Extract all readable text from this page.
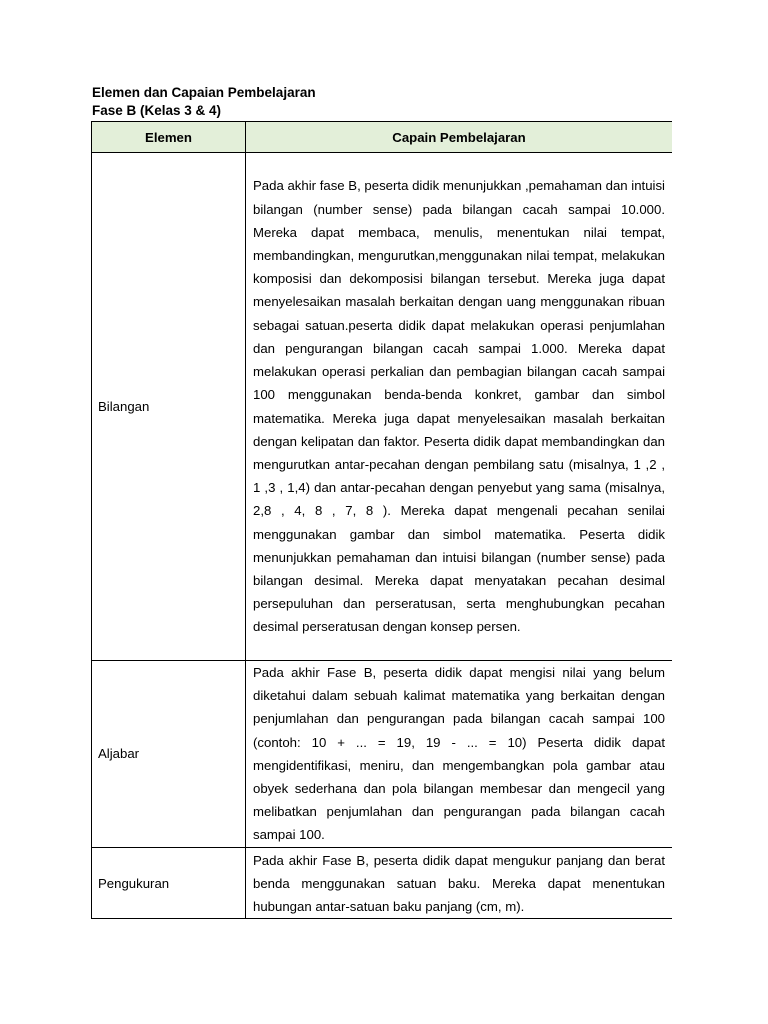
Elemen dan Capaian Pembelajaran

Fase B (Kelas 3 & 4)

Elemen	Capain Pembelajaran
Bilangan	Pada akhir fase B, peserta didik menunjukkan ,pemahaman dan intuisi bilangan (number sense) pada bilangan cacah sampai 10.000. Mereka dapat membaca, menulis, menentukan nilai tempat, membandingkan, mengurutkan,menggunakan nilai tempat, melakukan komposisi dan dekomposisi bilangan tersebut. Mereka juga dapat menyelesaikan masalah berkaitan dengan uang menggunakan ribuan sebagai satuan.peserta didik dapat melakukan operasi penjumlahan dan pengurangan bilangan cacah sampai 1.000. Mereka dapat melakukan operasi perkalian dan pembagian bilangan cacah sampai 100 menggunakan benda-benda konkret, gambar dan simbol matematika. Mereka juga dapat menyelesaikan masalah berkaitan dengan kelipatan dan faktor. Peserta didik dapat membandingkan dan mengurutkan antar-pecahan dengan pembilang satu (misalnya, 1 ,2 , 1 ,3 , 1,4) dan antar-pecahan dengan penyebut yang sama (misalnya, 2,8 , 4, 8 , 7, 8 ). Mereka dapat mengenali pecahan senilai menggunakan gambar dan simbol matematika. Peserta didik menunjukkan pemahaman dan intuisi bilangan (number sense) pada bilangan desimal. Mereka dapat menyatakan pecahan desimal persepuluhan dan perseratusan, serta menghubungkan pecahan desimal perseratusan dengan konsep persen.
Aljabar	Pada akhir Fase B, peserta didik dapat mengisi nilai yang belum diketahui dalam sebuah kalimat matematika yang berkaitan dengan penjumlahan dan pengurangan pada bilangan cacah sampai 100 (contoh: 10 + ... = 19, 19 - ... = 10) Peserta didik dapat mengidentifikasi, meniru, dan mengembangkan pola gambar atau obyek sederhana dan pola bilangan membesar dan mengecil yang melibatkan penjumlahan dan pengurangan pada bilangan cacah sampai 100.
Pengukuran	Pada akhir Fase B, peserta didik dapat mengukur panjang dan berat benda menggunakan satuan baku. Mereka dapat menentukan hubungan antar-satuan baku panjang (cm, m).
